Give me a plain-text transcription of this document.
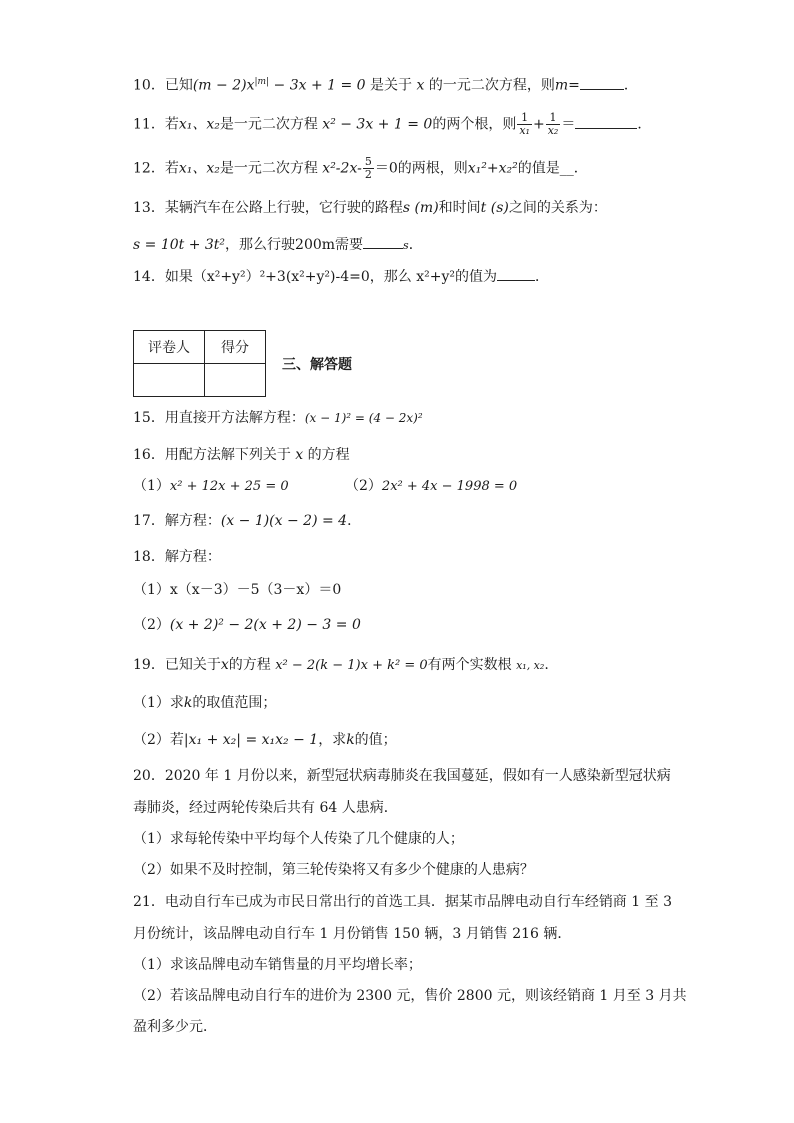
10．已知$(m - 2)x^{|m|} - 3x + 1 = 0$ 是关于 x 的一元二次方程，则m=	．
11．若x₁、x₂是一元二次方程 x² − 3x + 1 = 0的两个根，则 $\frac{1}{\text{x₁}} + \frac{1}{\text{x₂}}$ ＝	．
12．若x₁、x₂是一元二次方程 $x^2-2x- \frac{5}{2} =0$的两根，则x₁²+x₂²的值是__．
13．某辆汽车在公路上行驶，它行驶的路程s (m)和时间t (s)之间的关系为：
s = 10t + 3t²，那么行驶200m需要	s．
14．如果（x²+y²）²+3(x²+y²)-4=0，那么 x²+y²的值为	．
评卷人	得分

三、解答题
15．用直接开方法解方程：(x − 1)² = (4 − 2x)²
16．用配方法解下列关于 x 的方程
（1）x² + 12x + 25 = 0	（2）2x² + 4x − 1998 = 0
17．解方程：(x − 1)(x − 2) = 4．
18．解方程：
（1）x（x－3）－5（3－x）＝0
（2）(x + 2)² − 2(x + 2) − 3 = 0
19．已知关于x的方程 x² − 2(k − 1)x + k² = 0有两个实数根 x₁, x₂.
（1）求k的取值范围；
（2）若|x₁ + x₂| = x₁x₂ − 1，求k的值；
20．2020 年 1 月份以来，新型冠状病毒肺炎在我国蔓延，假如有一人感染新型冠状病
毒肺炎，经过两轮传染后共有 64 人患病．
（1）求每轮传染中平均每个人传染了几个健康的人；
（2）如果不及时控制，第三轮传染将又有多少个健康的人患病？
21．电动自行车已成为市民日常出行的首选工具．据某市品牌电动自行车经销商 1 至 3
月份统计，该品牌电动自行车 1 月份销售 150 辆，3 月销售 216 辆．
（1）求该品牌电动车销售量的月平均增长率；
（2）若该品牌电动自行车的进价为 2300 元，售价 2800 元，则该经销商 1 月至 3 月共
盈利多少元．
